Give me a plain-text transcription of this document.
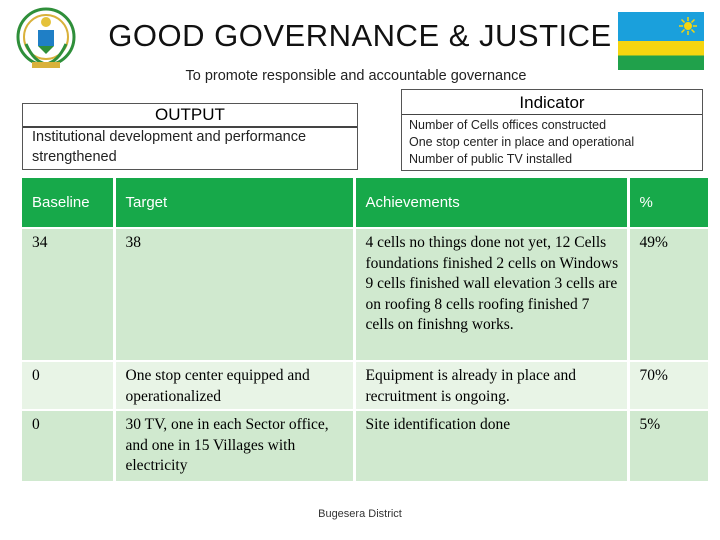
GOOD GOVERNANCE & JUSTICE
To promote responsible and accountable governance
OUTPUT
Institutional development and performance strengthened
Indicator
Number of Cells offices constructed
One stop center in place and operational
Number of public TV installed
Baseline	Target	Achievements	%

34	38	4 cells no things done not yet, 12 Cells foundations finished 2 cells on Windows 9 cells finished wall elevation 3 cells are on roofing 8 cells roofing finished 7 cells on finishng works.	49%

0	One stop center equipped and operationalized	Equipment is already in place and recruitment is ongoing.	70%

0	30 TV, one in each Sector office, and one in 15 Villages with electricity	Site identification done	5%
Bugesera District
